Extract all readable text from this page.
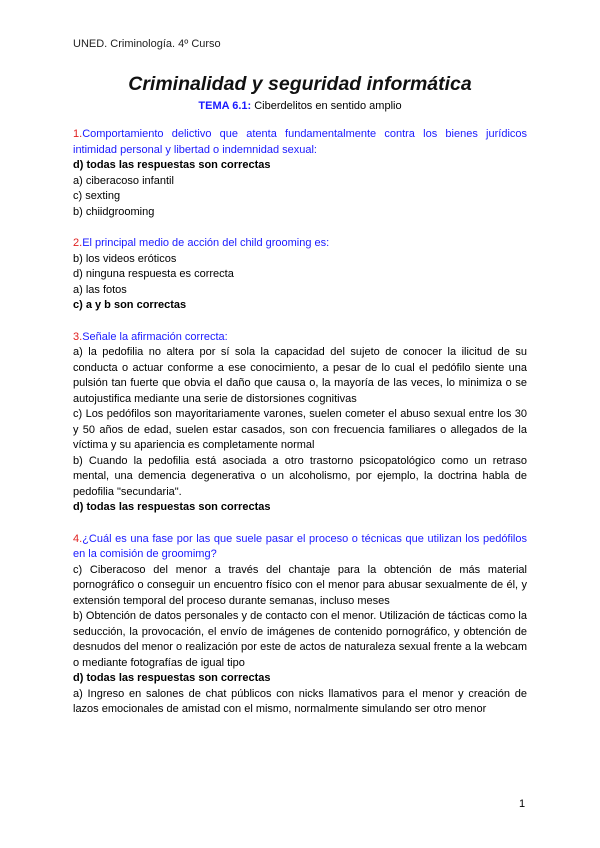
UNED. Criminología. 4º Curso
Criminalidad y seguridad informática
TEMA 6.1: Ciberdelitos en sentido amplio
1.Comportamiento delictivo que atenta fundamentalmente contra los bienes jurídicos intimidad personal y libertad o indemnidad sexual:
d) todas las respuestas son correctas
a) ciberacoso infantil
c) sexting
b) chiidgrooming
2.El principal medio de acción del child grooming es:
b) los videos eróticos
d) ninguna respuesta es correcta
a) las fotos
c) a y b son correctas
3.Señale la afirmación correcta:
a) la pedofilia no altera por sí sola la capacidad del sujeto de conocer la ilicitud de su conducta o actuar conforme a ese conocimiento, a pesar de lo cual el pedófilo siente una pulsión tan fuerte que obvia el daño que causa o, la mayoría de las veces, lo minimiza o se autojustifica mediante una serie de distorsiones cognitivas
c) Los pedófilos son mayoritariamente varones, suelen cometer el abuso sexual entre los 30 y 50 años de edad, suelen estar casados, son con frecuencia familiares o allegados de la víctima y su apariencia es completamente normal
b) Cuando la pedofilia está asociada a otro trastorno psicopatológico como un retraso mental, una demencia degenerativa o un alcoholismo, por ejemplo, la doctrina habla de pedofilia "secundaria".
d) todas las respuestas son correctas
4.¿Cuál es una fase por las que suele pasar el proceso o técnicas que utilizan los pedófilos en la comisión de groomimg?
c) Ciberacoso del menor a través del chantaje para la obtención de más material pornográfico o conseguir un encuentro físico con el menor para abusar sexualmente de él, y extensión temporal del proceso durante semanas, incluso meses
b) Obtención de datos personales y de contacto con el menor. Utilización de tácticas como la seducción, la provocación, el envío de imágenes de contenido pornográfico, y obtención de desnudos del menor o realización por este de actos de naturaleza sexual frente a la webcam o mediante fotografías de igual tipo
d) todas las respuestas son correctas
a) Ingreso en salones de chat públicos con nicks llamativos para el menor y creación de lazos emocionales de amistad con el mismo, normalmente simulando ser otro menor
1
